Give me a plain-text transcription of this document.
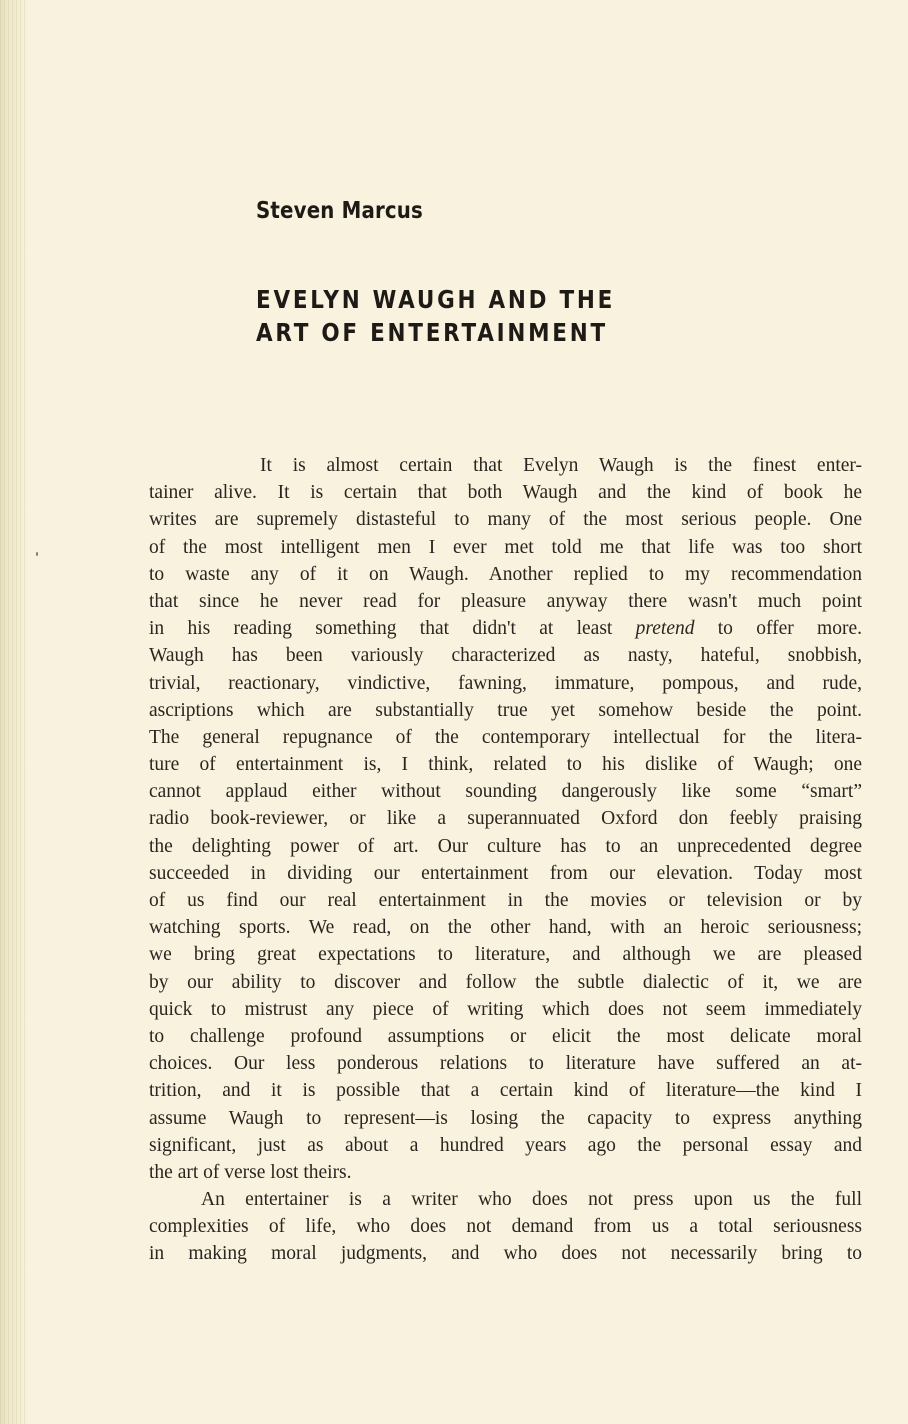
Steven Marcus
EVELYN WAUGH AND THE
ART OF ENTERTAINMENT
It is almost certain that Evelyn Waugh is the finest enter-
tainer alive. It is certain that both Waugh and the kind of book he
writes are supremely distasteful to many of the most serious people. One
of the most intelligent men I ever met told me that life was too short
to waste any of it on Waugh. Another replied to my recommendation
that since he never read for pleasure anyway there wasn't much point
in his reading something that didn't at least pretend to offer more.
Waugh has been variously characterized as nasty, hateful, snobbish,
trivial, reactionary, vindictive, fawning, immature, pompous, and rude,
ascriptions which are substantially true yet somehow beside the point.
The general repugnance of the contemporary intellectual for the litera-
ture of entertainment is, I think, related to his dislike of Waugh; one
cannot applaud either without sounding dangerously like some “smart”
radio book-reviewer, or like a superannuated Oxford don feebly praising
the delighting power of art. Our culture has to an unprecedented degree
succeeded in dividing our entertainment from our elevation. Today most
of us find our real entertainment in the movies or television or by
watching sports. We read, on the other hand, with an heroic seriousness;
we bring great expectations to literature, and although we are pleased
by our ability to discover and follow the subtle dialectic of it, we are
quick to mistrust any piece of writing which does not seem immediately
to challenge profound assumptions or elicit the most delicate moral
choices. Our less ponderous relations to literature have suffered an at-
trition, and it is possible that a certain kind of literature—the kind I
assume Waugh to represent—is losing the capacity to express anything
significant, just as about a hundred years ago the personal essay and
the art of verse lost theirs.
An entertainer is a writer who does not press upon us the full
complexities of life, who does not demand from us a total seriousness
in making moral judgments, and who does not necessarily bring to
